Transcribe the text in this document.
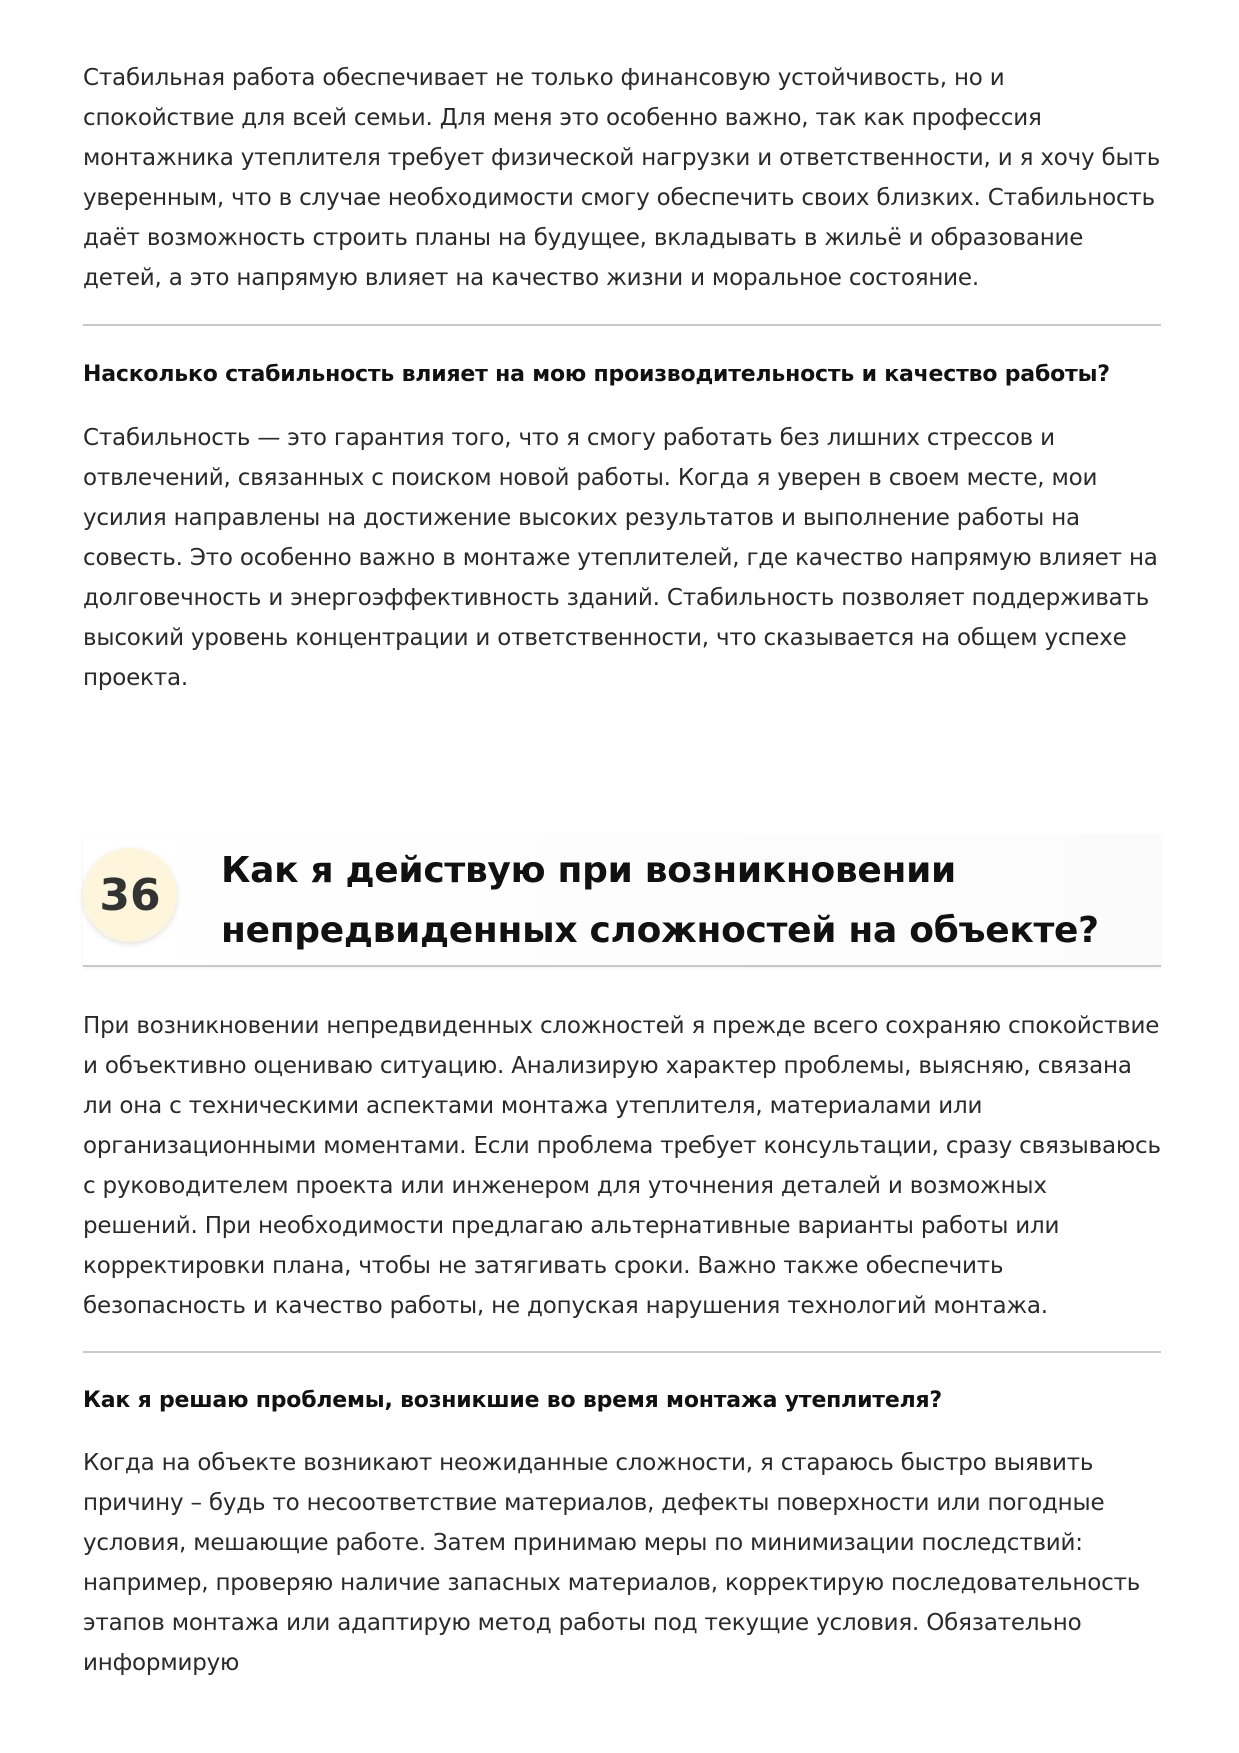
Стабильная работа обеспечивает не только финансовую устойчивость, но и спокойствие для всей семьи. Для меня это особенно важно, так как профессия монтажника утеплителя требует физической нагрузки и ответственности, и я хочу быть уверенным, что в случае необходимости смогу обеспечить своих близких. Стабильность даёт возможность строить планы на будущее, вкладывать в жильё и образование детей, а это напрямую влияет на качество жизни и моральное состояние.

Насколько стабильность влияет на мою производительность и качество работы?

Стабильность — это гарантия того, что я смогу работать без лишних стрессов и отвлечений, связанных с поиском новой работы. Когда я уверен в своем месте, мои усилия направлены на достижение высоких результатов и выполнение работы на совесть. Это особенно важно в монтаже утеплителей, где качество напрямую влияет на долговечность и энергоэффективность зданий. Стабильность позволяет поддерживать высокий уровень концентрации и ответственности, что сказывается на общем успехе проекта.

36	Как я действую при возникновении
непредвиденных сложностей на объекте?

При возникновении непредвиденных сложностей я прежде всего сохраняю спокойствие и объективно оцениваю ситуацию. Анализирую характер проблемы, выясняю, связана ли она с техническими аспектами монтажа утеплителя, материалами или организационными моментами. Если проблема требует консультации, сразу связываюсь с руководителем проекта или инженером для уточнения деталей и возможных решений. При необходимости предлагаю альтернативные варианты работы или корректировки плана, чтобы не затягивать сроки. Важно также обеспечить безопасность и качество работы, не допуская нарушения технологий монтажа.

Как я решаю проблемы, возникшие во время монтажа утеплителя?

Когда на объекте возникают неожиданные сложности, я стараюсь быстро выявить причину – будь то несоответствие материалов, дефекты поверхности или погодные условия, мешающие работе. Затем принимаю меры по минимизации последствий: например, проверяю наличие запасных материалов, корректирую последовательность этапов монтажа или адаптирую метод работы под текущие условия. Обязательно информирую
